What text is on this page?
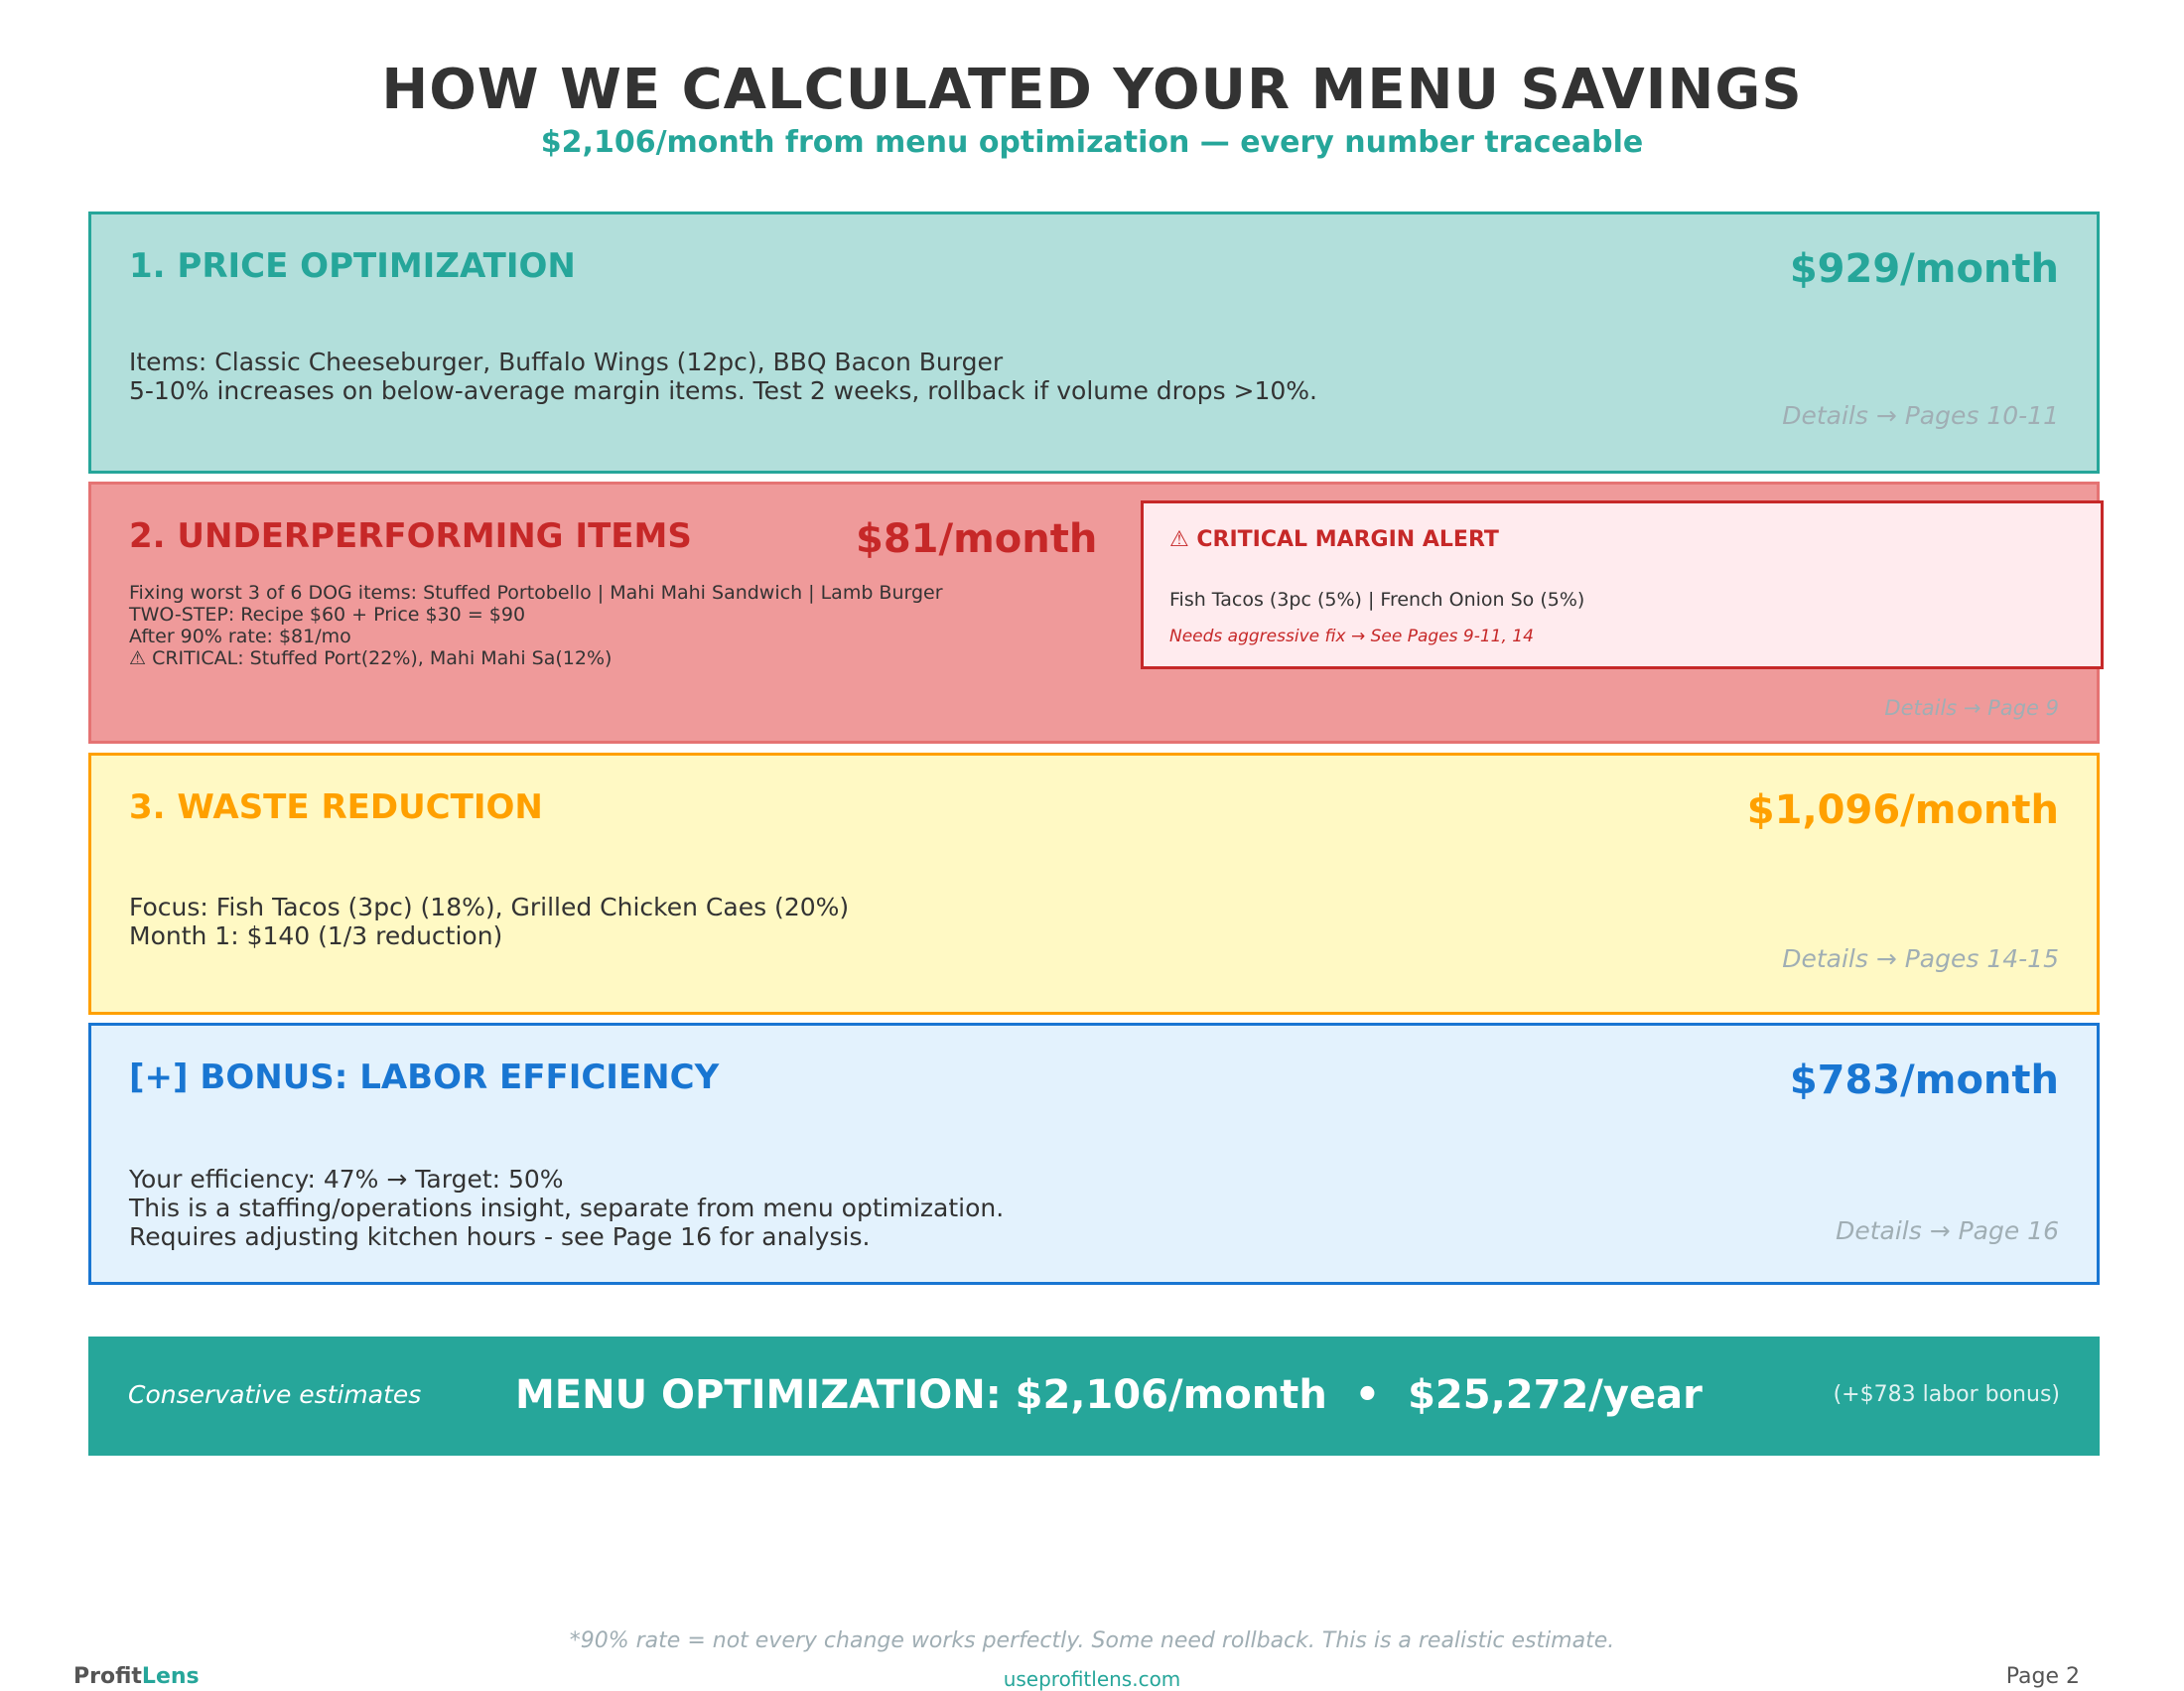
HOW WE CALCULATED YOUR MENU SAVINGS
$2,106/month from menu optimization — every number traceable
1. PRICE OPTIMIZATION	$929/month
Items: Classic Cheeseburger, Buffalo Wings (12pc), BBQ Bacon Burger
5-10% increases on below-average margin items. Test 2 weeks, rollback if volume drops >10%.
Details → Pages 10-11
2. UNDERPERFORMING ITEMS	$81/month
Fixing worst 3 of 6 DOG items: Stuffed Portobello | Mahi Mahi Sandwich | Lamb Burger
TWO-STEP: Recipe $60 + Price $30 = $90
After 90% rate: $81/mo
⚠ CRITICAL: Stuffed Port(22%), Mahi Mahi Sa(12%)
⚠ CRITICAL MARGIN ALERT
Fish Tacos (3pc (5%) | French Onion So (5%)
Needs aggressive fix → See Pages 9-11, 14
Details → Page 9
3. WASTE REDUCTION	$1,096/month
Focus: Fish Tacos (3pc) (18%), Grilled Chicken Caes (20%)
Month 1: $140 (1/3 reduction)
Details → Pages 14-15
[+] BONUS: LABOR EFFICIENCY	$783/month
Your efficiency: 47% → Target: 50%
This is a staffing/operations insight, separate from menu optimization.
Requires adjusting kitchen hours - see Page 16 for analysis.	Details → Page 16
Conservative estimates MENU OPTIMIZATION: $2,106/month  •  $25,272/year	(+$783 labor bonus)
*90% rate = not every change works perfectly. Some need rollback. This is a realistic estimate.
ProfitLens	useprofitlens.com	Page 2
